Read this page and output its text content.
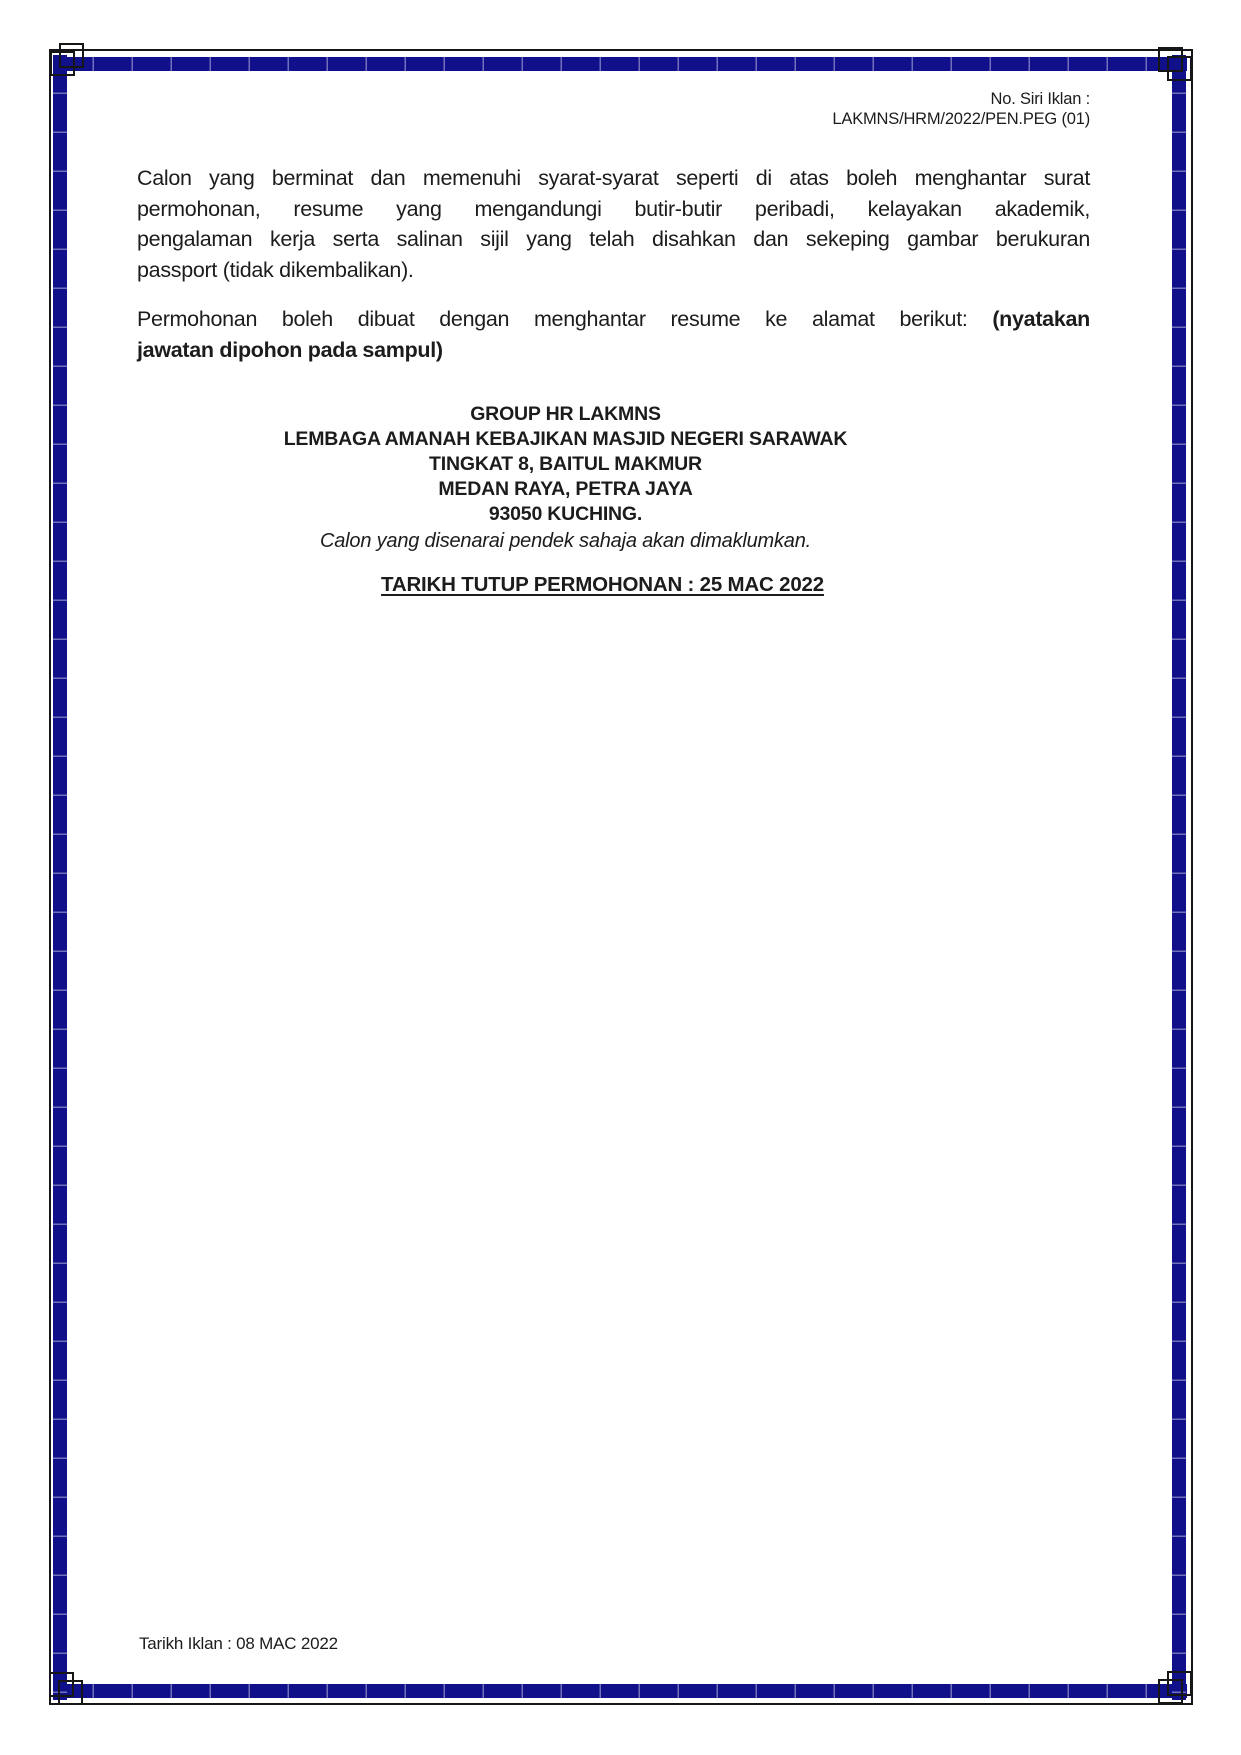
No. Siri Iklan :
LAKMNS/HRM/2022/PEN.PEG (01)
Calon yang berminat dan memenuhi syarat-syarat seperti di atas boleh menghantar surat
permohonan, resume yang mengandungi butir-butir peribadi, kelayakan akademik,
pengalaman kerja serta salinan sijil yang telah disahkan dan sekeping gambar berukuran
passport (tidak dikembalikan).
Permohonan boleh dibuat dengan menghantar resume ke alamat berikut: (nyatakan
jawatan dipohon pada sampul)
GROUP HR LAKMNS
LEMBAGA AMANAH KEBAJIKAN MASJID NEGERI SARAWAK
TINGKAT 8, BAITUL MAKMUR
MEDAN RAYA, PETRA JAYA
93050 KUCHING.
Calon yang disenarai pendek sahaja akan dimaklumkan.
TARIKH TUTUP PERMOHONAN : 25 MAC 2022
Tarikh Iklan : 08 MAC 2022
